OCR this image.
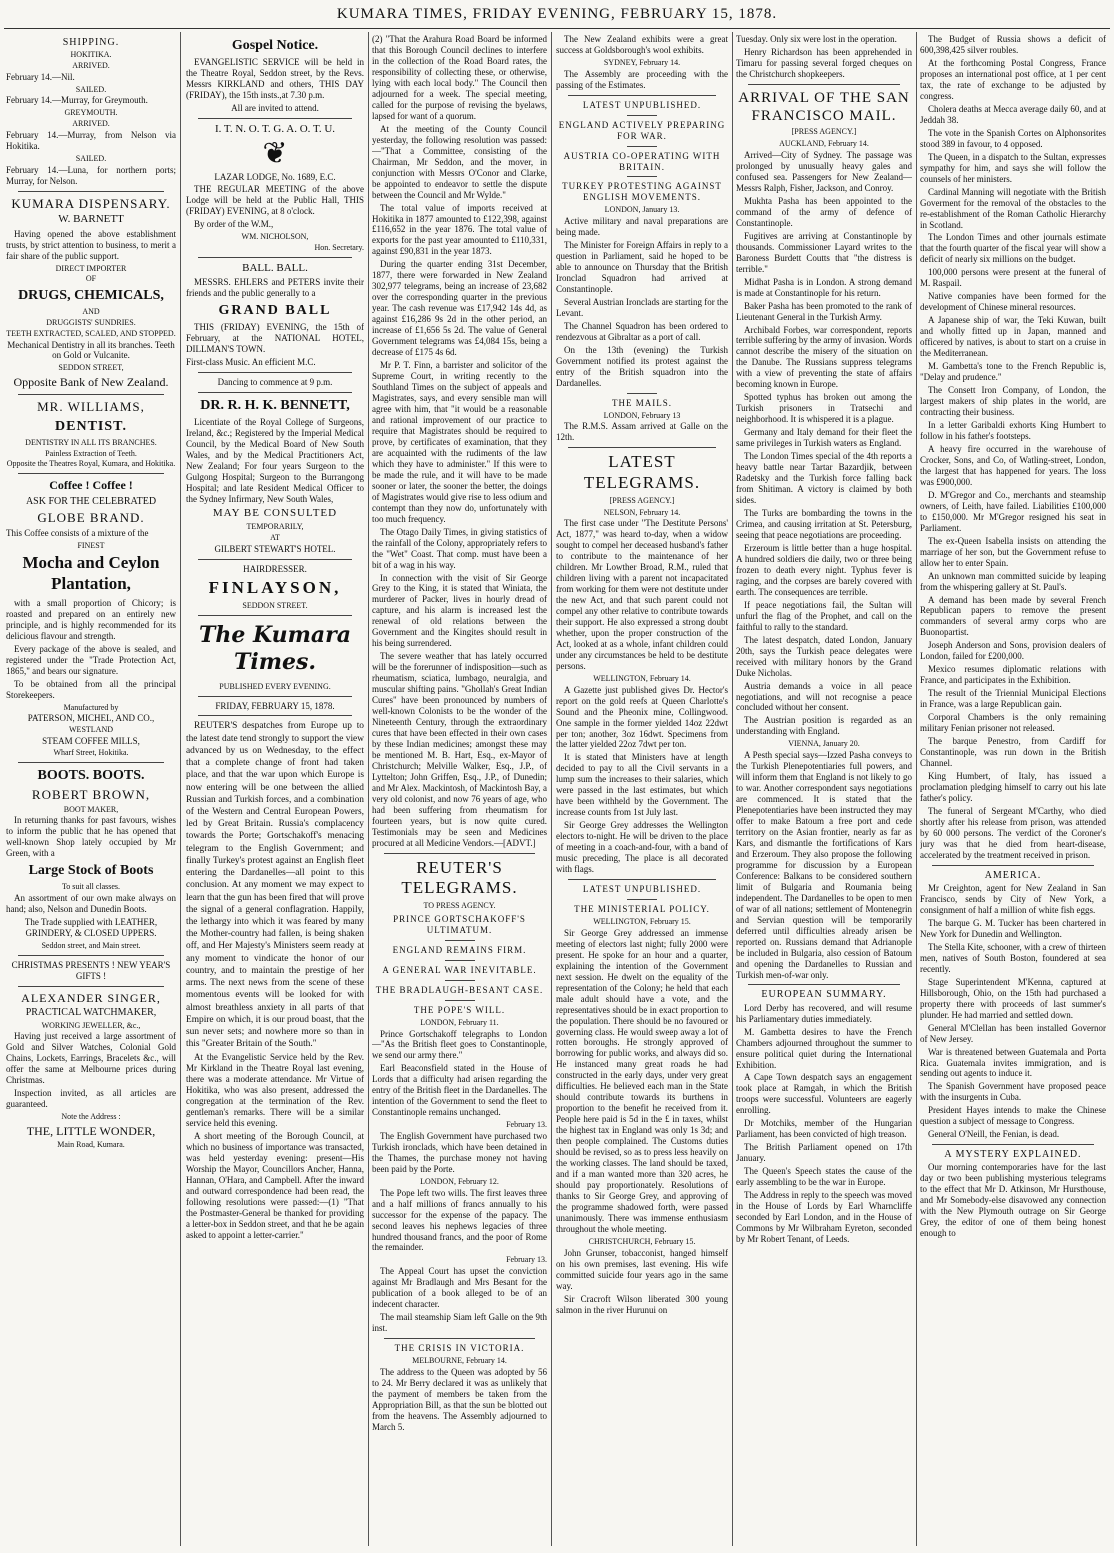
KUMARA TIMES, FRIDAY EVENING, FEBRUARY 15, 1878.
SHIPPING.
HOKITIKA.
ARRIVED.

February 14.—Nil.

SAILED.

February 14.—Murray, for Greymouth.

GREYMOUTH.
ARRIVED.

February 14.—Murray, from Nelson via Hokitika.

SAILED.

February 14.—Luna, for northern ports; Murray, for Nelson.

KUMARA DISPENSARY.
W. BARNETT

Having opened the above establishment trusts, by strict attention to business, to merit a fair share of the public support.

DIRECT IMPORTER
OF
DRUGS, CHEMICALS,
AND
DRUGGISTS' SUNDRIES.
TEETH EXTRACTED, SCALED, AND STOPPED.

Mechanical Dentistry in all its branches. Teeth on Gold or Vulcanite.

SEDDON STREET,
Opposite Bank of New Zealand.
MR. WILLIAMS,
DENTIST.
DENTISTRY IN ALL ITS BRANCHES.
Painless Extraction of Teeth.
Opposite the Theatres Royal, Kumara, and Hokitika.
Coffee ! Coffee !
ASK FOR THE CELEBRATED
GLOBE BRAND.

This Coffee consists of a mixture of the

FINEST
Mocha and Ceylon Plantation,

with a small proportion of Chicory; is roasted and prepared on an entirely new principle, and is highly recommended for its delicious flavour and strength.

Every package of the above is sealed, and registered under the "Trade Protection Act, 1865," and bears our signature.

To be obtained from all the principal Storekeepers.

Manufactured by
PATERSON, MICHEL, AND CO.,
WESTLAND
STEAM COFFEE MILLS,
Wharf Street, Hokitika.
BOOTS. BOOTS.
ROBERT BROWN,
BOOT MAKER,

In returning thanks for past favours, wishes to inform the public that he has opened that well-known Shop lately occupied by Mr Green, with a

Large Stock of Boots
To suit all classes.

An assortment of our own make always on hand; also, Nelson and Dunedin Boots.

The Trade supplied with LEATHER, GRINDERY, & CLOSED UPPERS.

Seddon street, and Main street.

CHRISTMAS PRESENTS ! NEW YEAR'S GIFTS !

ALEXANDER SINGER,
PRACTICAL WATCHMAKER,
WORKING JEWELLER, &c.,

Having just received a large assortment of Gold and Silver Watches, Colonial Gold Chains, Lockets, Earrings, Bracelets &c., will offer the same at Melbourne prices during Christmas.

Inspection invited, as all articles are guaranteed.

Note the Address :
THE, LITTLE WONDER,
Main Road, Kumara.
Gospel Notice.

EVANGELISTIC SERVICE will be held in the Theatre Royal, Seddon street, by the Revs. Messrs KIRKLAND and others, THIS DAY (FRIDAY), the 15th insts.,at 7.30 p.m.

All are invited to attend.
I. T. N. O. T. G. A. O. T. U.
❦
LAZAR LODGE, No. 1689, E.C.

THE REGULAR MEETING of the above Lodge will be held at the Public Hall, THIS (FRIDAY) EVENING, at 8 o'clock.

By order of the W.M.,

WM. NICHOLSON,
Hon. Secretary.
BALL. BALL.

MESSRS. EHLERS and PETERS invite their friends and the public generally to a

GRAND BALL

THIS (FRIDAY) EVENING, the 15th of February, at the NATIONAL HOTEL, DILLMAN'S TOWN.

First-class Music. An efficient M.C.

Dancing to commence at 9 p.m.
DR. R. H. K. BENNETT,

Licentiate of the Royal College of Surgeons, Ireland, &c.; Registered by the Imperial Medical Council, by the Medical Board of New South Wales, and by the Medical Practitioners Act, New Zealand; For four years Surgeon to the Gulgong Hospital; Surgeon to the Burrangong Hospital; and late Resident Medical Officer to the Sydney Infirmary, New South Wales,

MAY BE CONSULTED
TEMPORARILY,
AT
GILBERT STEWART'S HOTEL.
HAIRDRESSER.
FINLAYSON,
SEDDON STREET.
The Kumara Times.
PUBLISHED EVERY EVENING.
FRIDAY, FEBRUARY 15, 1878.

REUTER'S despatches from Europe up to the latest date tend strongly to support the view advanced by us on Wednesday, to the effect that a complete change of front had taken place, and that the war upon which Europe is now entering will be one between the allied Russian and Turkish forces, and a combination of the Western and Central European Powers, led by Great Britain. Russia's complacency towards the Porte; Gortschakoff's menacing telegram to the English Government; and finally Turkey's protest against an English fleet entering the Dardanelles—all point to this conclusion. At any moment we may expect to learn that the gun has been fired that will prove the signal of a general conflagration. Happily, the lethargy into which it was feared by many the Mother-country had fallen, is being shaken off, and Her Majesty's Ministers seem ready at any moment to vindicate the honor of our country, and to maintain the prestige of her arms. The next news from the scene of these momentous events will be looked for with almost breathless anxiety in all parts of that Empire on which, it is our proud boast, that the sun never sets; and nowhere more so than in this "Greater Britain of the South."

At the Evangelistic Service held by the Rev. Mr Kirkland in the Theatre Royal last evening, there was a moderate attendance. Mr Virtue of Hokitika, who was also present, addressed the congregation at the termination of the Rev. gentleman's remarks. There will be a similar service held this evening.

A short meeting of the Borough Council, at which no business of importance was transacted, was held yesterday evening: present—His Worship the Mayor, Councillors Ancher, Hanna, Hannan, O'Hara, and Campbell. After the inward and outward correspondence had been read, the following resolutions were passed:—(1) "That the Postmaster-General be thanked for providing a letter-box in Seddon street, and that he be again asked to appoint a letter-carrier."

(2) "That the Arahura Road Board be informed that this Borough Council declines to interfere in the collection of the Road Board rates, the responsibility of collecting these, or otherwise, lying with each local body." The Council then adjourned for a week. The special meeting, called for the purpose of revising the byelaws, lapsed for want of a quorum.

At the meeting of the County Council yesterday, the following resolution was passed:—"That a Committee, consisting of the Chairman, Mr Seddon, and the mover, in conjunction with Messrs O'Conor and Clarke, be appointed to endeavor to settle the dispute between the Council and Mr Wylde."

The total value of imports received at Hokitika in 1877 amounted to £122,398, against £116,652 in the year 1876. The total value of exports for the past year amounted to £110,331, against £90,831 in the year 1873.

During the quarter ending 31st December, 1877, there were forwarded in New Zealand 302,977 telegrams, being an increase of 23,682 over the corresponding quarter in the previous year. The cash revenue was £17,942 14s 4d, as against £16,286 9s 2d in the other period, an increase of £1,656 5s 2d. The value of General Government telegrams was £4,084 15s, being a decrease of £175 4s 6d.

Mr P. T. Finn, a barrister and solicitor of the Supreme Court, in writing recently to the Southland Times on the subject of appeals and Magistrates, says, and every sensible man will agree with him, that "it would be a reasonable and rational improvement of our practice to require that Magistrates should be required to prove, by certificates of examination, that they are acquainted with the rudiments of the law which they have to administer." If this were to be made the rule, and it will have to be made sooner or later, the sooner the better, the doings of Magistrates would give rise to less odium and contempt than they now do, unfortunately with too much frequency.

The Otago Daily Times, in giving statistics of the rainfall of the Colony, appropriately refers to the "Wet" Coast. That comp. must have been a bit of a wag in his way.

In connection with the visit of Sir George Grey to the King, it is stated that Winiata, the murderer of Packer, lives in hourly dread of capture, and his alarm is increased lest the renewal of old relations between the Government and the Kingites should result in his being surrendered.

The severe weather that has lately occurred will be the forerunner of indisposition—such as rheumatism, sciatica, lumbago, neuralgia, and muscular shifting pains. "Ghollah's Great Indian Cures" have been pronounced by numbers of well-known Colonists to be the wonder of the Nineteenth Century, through the extraordinary cures that have been effected in their own cases by these Indian medicines; amongst these may be mentioned M. B. Hart, Esq., ex-Mayor of Christchurch; Melville Walker, Esq., J.P., of Lyttelton; John Griffen, Esq., J.P., of Dunedin; and Mr Alex. Mackintosh, of Mackintosh Bay, a very old colonist, and now 76 years of age, who had been suffering from rheumatism for fourteen years, but is now quite cured. Testimonials may be seen and Medicines procured at all Medicine Vendors.—[ADVT.]

REUTER'S TELEGRAMS.
TO PRESS AGENCY.
PRINCE GORTSCHAKOFF'S ULTIMATUM.
ENGLAND REMAINS FIRM.
A GENERAL WAR INEVITABLE.
THE BRADLAUGH-BESANT CASE.
THE POPE'S WILL.
LONDON, February 11.

Prince Gortschakoff telegraphs to London—"As the British fleet goes to Constantinople, we send our army there."

Earl Beaconsfield stated in the House of Lords that a difficulty had arisen regarding the entry of the British fleet in the Dardanelles. The intention of the Government to send the fleet to Constantinople remains unchanged.

February 13.

The English Government have purchased two Turkish ironclads, which have been detained in the Thames, the purchase money not having been paid by the Porte.

LONDON, February 12.

The Pope left two wills. The first leaves three and a half millions of francs annually to his successor for the expense of the papacy. The second leaves his nephews legacies of three hundred thousand francs, and the poor of Rome the remainder.

February 13.

The Appeal Court has upset the conviction against Mr Bradlaugh and Mrs Besant for the publication of a book alleged to be of an indecent character.

The mail steamship Siam left Galle on the 9th inst.

THE CRISIS IN VICTORIA.
MELBOURNE, February 14.

The address to the Queen was adopted by 56 to 24. Mr Berry declared it was as unlikely that the payment of members be taken from the Appropriation Bill, as that the sun be blotted out from the heavens. The Assembly adjourned to March 5.

The New Zealand exhibits were a great success at Goldsborough's wool exhibits.

SYDNEY, February 14.

The Assembly are proceeding with the passing of the Estimates.

LATEST UNPUBLISHED.
ENGLAND ACTIVELY PREPARING FOR WAR.
AUSTRIA CO-OPERATING WITH BRITAIN.
TURKEY PROTESTING AGAINST ENGLISH MOVEMENTS.
LONDON, January 13.

Active military and naval preparations are being made.

The Minister for Foreign Affairs in reply to a question in Parliament, said he hoped to be able to announce on Thursday that the British Ironclad Squadron had arrived at Constantinople.

Several Austrian Ironclads are starting for the Levant.

The Channel Squadron has been ordered to rendezvous at Gibraltar as a port of call.

On the 13th (evening) the Turkish Government notified its protest against the entry of the British squadron into the Dardanelles.

THE MAILS.
LONDON, February 13

The R.M.S. Assam arrived at Galle on the 12th.

LATEST TELEGRAMS.
[PRESS AGENCY.]
NELSON, February 14.

The first case under "The Destitute Persons' Act, 1877," was heard to-day, when a widow sought to compel her deceased husband's father to contribute to the maintenance of her children. Mr Lowther Broad, R.M., ruled that children living with a parent not incapacitated from working for them were not destitute under the new Act, and that such parent could not compel any other relative to contribute towards their support. He also expressed a strong doubt whether, upon the proper construction of the Act, looked at as a whole, infant children could under any circumstances be held to be destitute persons.

WELLINGTON, February 14.

A Gazette just published gives Dr. Hector's report on the gold reefs at Queen Charlotte's Sound and the Pheonix mine, Collingwood. One sample in the former yielded 14oz 22dwt per ton; another, 3oz 16dwt. Specimens from the latter yielded 22oz 7dwt per ton.

It is stated that Ministers have at length decided to pay to all the Civil servants in a lump sum the increases to their salaries, which were passed in the last estimates, but which have been withheld by the Government. The increase counts from 1st July last.

Sir George Grey addresses the Wellington electors to-night. He will be driven to the place of meeting in a coach-and-four, with a band of music preceding, The place is all decorated with flags.

LATEST UNPUBLISHED.
THE MINISTERIAL POLICY.
WELLINGTON, February 15.

Sir George Grey addressed an immense meeting of electors last night; fully 2000 were present. He spoke for an hour and a quarter, explaining the intention of the Government next session. He dwelt on the equality of the representation of the Colony; he held that each male adult should have a vote, and the representatives should be in exact proportion to the population. There should be no favoured or governing class. He would sweep away a lot of rotten boroughs. He strongly approved of borrowing for public works, and always did so. He instanced many great roads he had constructed in the early days, under very great difficulties. He believed each man in the State should contribute towards its burthens in proportion to the benefit he received from it. People here paid is 5d in the £ in taxes, whilst the highest tax in England was only 1s 3d; and then people complained. The Customs duties should be revised, so as to press less heavily on the working classes. The land should be taxed, and if a man wanted more than 320 acres, he should pay proportionately. Resolutions of thanks to Sir George Grey, and approving of the programme shadowed forth, were passed unanimously. There was immense enthusiasm throughout the whole meeting.

CHRISTCHURCH, February 15.

John Grunser, tobacconist, hanged himself on his own premises, last evening. His wife committed suicide four years ago in the same way.

Sir Cracroft Wilson liberated 300 young salmon in the river Hurunui on

Tuesday. Only six were lost in the operation.

Henry Richardson has been apprehended in Timaru for passing several forged cheques on the Christchurch shopkeepers.

ARRIVAL OF THE SAN FRANCISCO MAIL.
[PRESS AGENCY.]
AUCKLAND, February 14.

Arrived—City of Sydney. The passage was prolonged by unusually heavy gales and confused sea. Passengers for New Zealand—Messrs Ralph, Fisher, Jackson, and Conroy.

Mukhta Pasha has been appointed to the command of the army of defence of Constantinople.

Fugitives are arriving at Constantinople by thousands. Commissioner Layard writes to the Baroness Burdett Coutts that "the distress is terrible."

Midhat Pasha is in London. A strong demand is made at Constantinople for his return.

Baker Pasha has been promoted to the rank of Lieutenant General in the Turkish Army.

Archibald Forbes, war correspondent, reports terrible suffering by the army of invasion. Words cannot describe the misery of the situation on the Danube. The Russians suppress telegrams with a view of preventing the state of affairs becoming known in Europe.

Spotted typhus has broken out among the Turkish prisoners in Tratsechi and neighborhood. It is whispered it is a plague.

Germany and Italy demand for their fleet the same privileges in Turkish waters as England.

The London Times special of the 4th reports a heavy battle near Tartar Bazardjik, between Radetsky and the Turkish force falling back from Shitiman. A victory is claimed by both sides.

The Turks are bombarding the towns in the Crimea, and causing irritation at St. Petersburg, seeing that peace negotiations are proceeding.

Erzeroum is little better than a huge hospital. A hundred soldiers die daily, two or three being frozen to death every night. Typhus fever is raging, and the corpses are barely covered with earth. The consequences are terrible.

If peace negotiations fail, the Sultan will unfurl the flag of the Prophet, and call on the faithful to rally to the standard.

The latest despatch, dated London, January 20th, says the Turkish peace delegates were received with military honors by the Grand Duke Nicholas.

Austria demands a voice in all peace negotiations, and will not recognise a peace concluded without her consent.

The Austrian position is regarded as an understanding with England.

VIENNA, January 20.

A Pesth special says—Izzed Pasha conveys to the Turkish Plenepotentiaries full powers, and will inform them that England is not likely to go to war. Another correspondent says negotiations are commenced. It is stated that the Plenepotentiaries have been instructed they may offer to make Batoum a free port and cede territory on the Asian frontier, nearly as far as Kars, and dismantle the fortifications of Kars and Erzeroum. They also propose the following programme for discussion by a European Conference: Balkans to be considered southern limit of Bulgaria and Roumania being independent. The Dardanelles to be open to men of war of all nations; settlement of Montenegrin and Servian question will be temporarily deferred until difficulties already arisen be reported on. Russians demand that Adrianople be included in Bulgaria, also cession of Batoum and opening the Dardanelles to Russian and Turkish men-of-war only.

EUROPEAN SUMMARY.

Lord Derby has recovered, and will resume his Parliamentary duties immediately.

M. Gambetta desires to have the French Chambers adjourned throughout the summer to ensure political quiet during the International Exhibition.

A Cape Town despatch says an engagement took place at Ramgah, in which the British troops were successful. Volunteers are eagerly enrolling.

Dr Motchiks, member of the Hungarian Parliament, has been convicted of high treason.

The British Parliament opened on 17th January.

The Queen's Speech states the cause of the early assembling to be the war in Europe.

The Address in reply to the speech was moved in the House of Lords by Earl Wharncliffe seconded by Earl London, and in the House of Commons by Mr Wilbraham Eyreton, seconded by Mr Robert Tenant, of Leeds.

The Budget of Russia shows a deficit of 600,398,425 silver roubles.

At the forthcoming Postal Congress, France proposes an international post office, at 1 per cent tax, the rate of exchange to be adjusted by congress.

Cholera deaths at Mecca average daily 60, and at Jeddah 38.

The vote in the Spanish Cortes on Alphonsorites stood 389 in favour, to 4 opposed.

The Queen, in a dispatch to the Sultan, expresses sympathy for him, and says she will follow the counsels of her ministers.

Cardinal Manning will negotiate with the British Goverment for the removal of the obstacles to the re-establishment of the Roman Catholic Hierarchy in Scotland.

The London Times and other journals estimate that the fourth quarter of the fiscal year will show a deficit of nearly six millions on the budget.

100,000 persons were present at the funeral of M. Raspail.

Native companies have been formed for the development of Chinese mineral resources.

A Japanese ship of war, the Teki Kuwan, built and wholly fitted up in Japan, manned and officered by natives, is about to start on a cruise in the Mediterranean.

M. Gambetta's tone to the French Republic is, "Delay and prudence."

The Consett Iron Company, of London, the largest makers of ship plates in the world, are contracting their business.

In a letter Garibaldi exhorts King Humbert to follow in his father's footsteps.

A heavy fire occurred in the warehouse of Crocker, Sons, and Co, of Watling-street, London, the largest that has happened for years. The loss was £900,000.

D. M'Gregor and Co., merchants and steamship owners, of Leith, have failed. Liabilities £100,000 to £150,000. Mr M'Gregor resigned his seat in Parliament.

The ex-Queen Isabella insists on attending the marriage of her son, but the Government refuse to allow her to enter Spain.

An unknown man committed suicide by leaping from the whispering gallery at St. Paul's.

A demand has been made by several French Republican papers to remove the present commanders of several army corps who are Buonopartist.

Joseph Anderson and Sons, provision dealers of London, failed for £200,000.

Mexico resumes diplomatic relations with France, and participates in the Exhibition.

The result of the Triennial Municipal Elections in France, was a large Republican gain.

Corporal Chambers is the only remaining military Fenian prisoner not released.

The barque Penestro, from Cardiff for Constantinople, was run down in the British Channel.

King Humbert, of Italy, has issued a proclamation pledging himself to carry out his late father's policy.

The funeral of Sergeant M'Carthy, who died shortly after his release from prison, was attended by 60 000 persons. The verdict of the Coroner's jury was that he died from heart-disease, accelerated by the treatment received in prison.

AMERICA.

Mr Creighton, agent for New Zealand in San Francisco, sends by City of New York, a consignment of half a million of white fish eggs.

The barque G. M. Tucker has been chartered in New York for Dunedin and Wellington.

The Stella Kite, schooner, with a crew of thirteen men, natives of South Boston, foundered at sea recently.

Stage Superintendent M'Kenna, captured at Hillsborough, Ohio, on the 15th had purchased a property there with proceeds of last summer's plunder. He had married and settled down.

General M'Clellan has been installed Governor of New Jersey.

War is threatened between Guatemala and Porta Rica. Guatemala invites immigration, and is sending out agents to induce it.

The Spanish Government have proposed peace with the insurgents in Cuba.

President Hayes intends to make the Chinese question a subject of message to Congress.

General O'Neill, the Fenian, is dead.

A MYSTERY EXPLAINED.

Our morning contemporaries have for the last day or two been publishing mysterious telegrams to the effect that Mr D. Atkinson, Mr Hursthouse, and Mr Somebody-else disavowed any connection with the New Plymouth outrage on Sir George Grey, the editor of one of them being honest enough to
